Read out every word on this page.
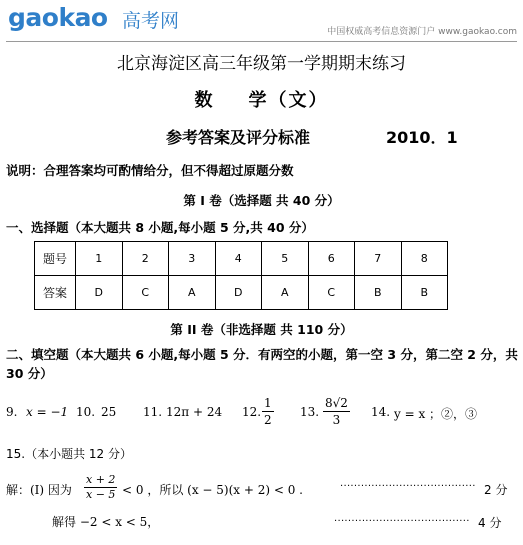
gaokao 高考网	中国权威高考信息资源门户 www.gaokao.com
北京海淀区高三年级第一学期期末练习
数 学（文）
参考答案及评分标准	2010．1
说明：合理答案均可酌情给分，但不得超过原题分数
第 I 卷（选择题 共 40 分）
一、选择题（本大题共 8 小题,每小题 5 分,共 40 分）
题号	1	2	3	4	5	6	7	8
答案	D	C	A	D	A	C	B	B
第 II 卷（非选择题 共 110 分）
二、填空题（本大题共 6 小题,每小题 5 分．有两空的小题，第一空 3 分，第二空 2 分，共
30 分）
9. x = −1 10. 25 11. 12π + 24 12. $\frac{1}{2} 13$. $\frac{8√2}{3} 14$. y = x ；②，③
15.（本小题共 12 分）
解：(I) 因为 $\frac{x + 2}{x - 5} < 0$ ，所以 (x − 5)(x + 2) < 0 .	······································· 2 分
解得 −2 < x < 5，	······································· 4 分
